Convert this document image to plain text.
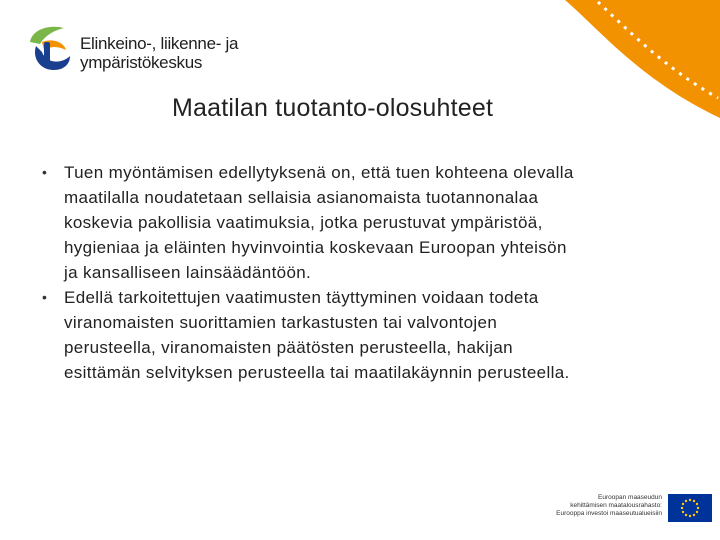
Elinkeino-, liikenne- ja
ympäristökeskus
Maatilan tuotanto-olosuhteet
• Tuen myöntämisen edellytyksenä on, että tuen kohteena olevalla maatilalla noudatetaan sellaisia asianomaista tuotannonalaa koskevia pakollisia vaatimuksia, jotka perustuvat ympäristöä, hygieniaa ja eläinten hyvinvointia koskevaan Euroopan yhteisön ja kansalliseen lainsäädäntöön.
• Edellä tarkoitettujen vaatimusten täyttyminen voidaan todeta viranomaisten suorittamien tarkastusten tai valvontojen perusteella, viranomaisten päätösten perusteella, hakijan esittämän selvityksen perusteella tai maatilakäynnin perusteella.
Euroopan maaseudun
kehittämisen maatalousrahasto:
Eurooppa investoi maaseutualueisiin
